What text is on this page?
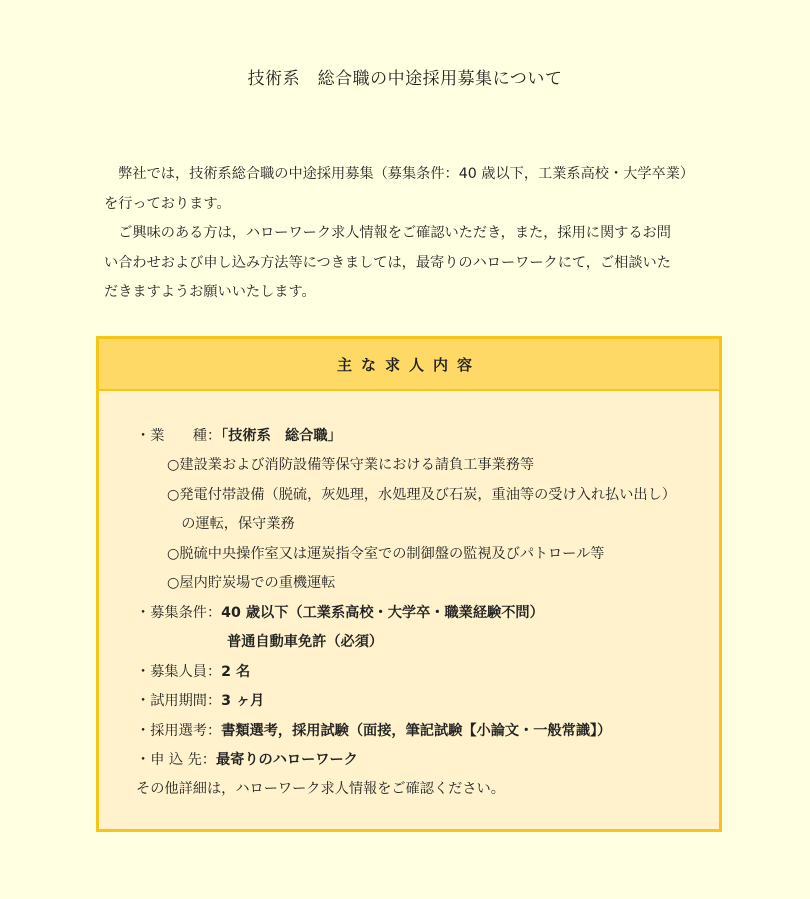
技術系　総合職の中途採用募集について

　弊社では，技術系総合職の中途採用募集（募集条件：40 歳以下，工業系高校・大学卒業）

を行っております。

　ご興味のある方は，ハローワーク求人情報をご確認いただき，また，採用に関するお問

い合わせおよび申し込み方法等につきましては，最寄りのハローワークにて，ご相談いた

だきますようお願いいたします。

主な求人内容
・業　　種：「技術系　総合職」
○建設業および消防設備等保守業における請負工事業務等
○発電付帯設備（脱硫，灰処理，水処理及び石炭，重油等の受け入れ払い出し）
　の運転，保守業務
○脱硫中央操作室又は運炭指令室での制御盤の監視及びパトロール等
○屋内貯炭場での重機運転
・募集条件：40 歳以下（工業系高校・大学卒・職業経験不問）
普通自動車免許（必須）
・募集人員：2 名
・試用期間：3 ヶ月
・採用選考：書類選考，採用試験（面接，筆記試験【小論文・一般常識】）
・申 込 先：最寄りのハローワーク
その他詳細は，ハローワーク求人情報をご確認ください。
